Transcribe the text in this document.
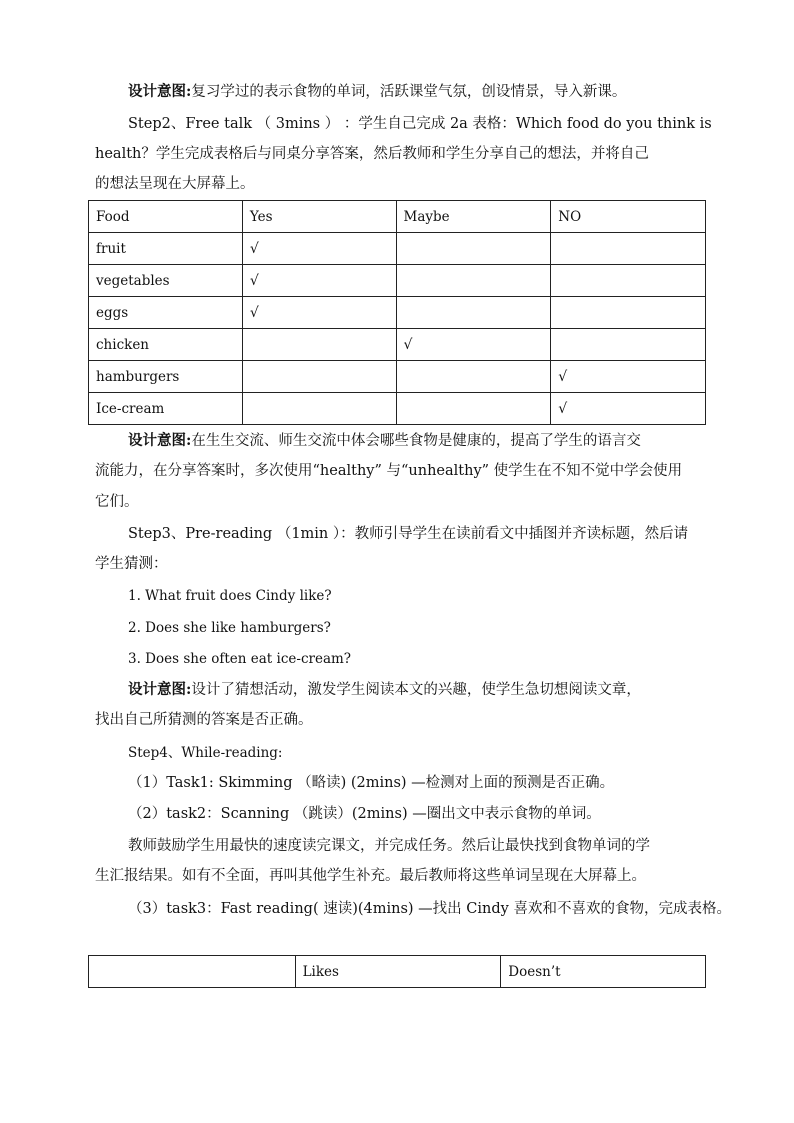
设计意图:复习学过的表示食物的单词，活跃课堂气氛，创设情景，导入新课。
Step2、Free talk （ 3mins ） ：学生自己完成 2a 表格：Which food do you think is
health？学生完成表格后与同桌分享答案，然后教师和学生分享自己的想法，并将自己
的想法呈现在大屏幕上。
Food	Yes	Maybe	NO
fruit	√		
vegetables	√		
eggs	√		
chicken		√	
hamburgers			√
Ice-cream			√
设计意图:在生生交流、师生交流中体会哪些食物是健康的，提高了学生的语言交
流能力，在分享答案时，多次使用“healthy” 与“unhealthy” 使学生在不知不觉中学会使用
它们。
Step3、Pre-reading （1min ）：教师引导学生在读前看文中插图并齐读标题，然后请
学生猜测：
1. What fruit does Cindy like?
2. Does she like hamburgers?
3. Does she often eat ice-cream?
设计意图:设计了猜想活动，激发学生阅读本文的兴趣，使学生急切想阅读文章，
找出自己所猜测的答案是否正确。
Step4、While-reading:
（1）Task1: Skimming （略读) (2mins) —检测对上面的预测是否正确。
（2）task2：Scanning （跳读）(2mins) —圈出文中表示食物的单词。
教师鼓励学生用最快的速度读完课文，并完成任务。然后让最快找到食物单词的学
生汇报结果。如有不全面，再叫其他学生补充。最后教师将这些单词呈现在大屏幕上。
（3）task3：Fast reading( 速读)(4mins) —找出 Cindy 喜欢和不喜欢的食物，完成表格。
	Likes	Doesn’t
